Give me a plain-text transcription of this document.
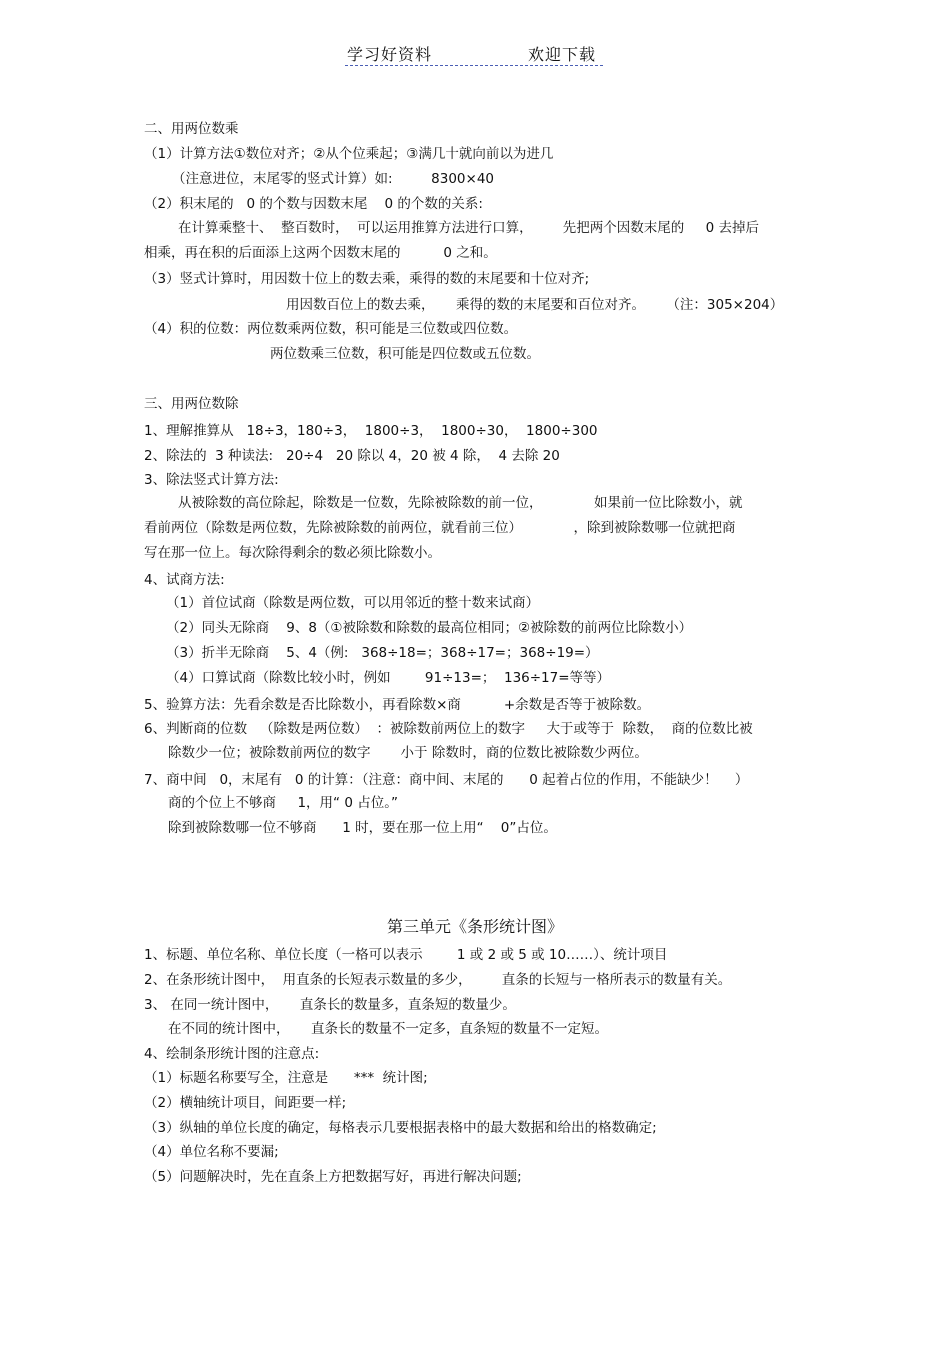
学习好资料	欢迎下载
二、用两位数乘
（1）计算方法①数位对齐；②从个位乘起；③满几十就向前以为进几
（注意进位，末尾零的竖式计算）如:         8300×40
（2）积末尾的   0 的个数与因数末尾    0 的个数的关系:
在计算乘整十、  整百数时，  可以运用推算方法进行口算，       先把两个因数末尾的     0 去掉后
相乘，再在积的后面添上这两个因数末尾的          0 之和。
（3）竖式计算时，用因数十位上的数去乘，乘得的数的末尾要和十位对齐;
用因数百位上的数去乘，     乘得的数的末尾要和百位对齐。     （注：305×204）
（4）积的位数：两位数乘两位数，积可能是三位数或四位数。
两位数乘三位数，积可能是四位数或五位数。
三、用两位数除
1、理解推算从   18÷3，180÷3，  1800÷3，  1800÷30，  1800÷300
2、除法的  3 种读法:   20÷4   20 除以 4，20 被 4 除，  4 去除 20
3、除法竖式计算方法:
从被除数的高位除起，除数是一位数，先除被除数的前一位，            如果前一位比除数小，就
看前两位（除数是两位数，先除被除数的前两位，就看前三位）            ，除到被除数哪一位就把商
写在那一位上。每次除得剩余的数必须比除数小。
4、试商方法:
（1）首位试商（除数是两位数，可以用邻近的整十数来试商）
（2）同头无除商    9、8（①被除数和除数的最高位相同；②被除数的前两位比除数小）
（3）折半无除商    5、4（例:   368÷18=；368÷17=；368÷19=）
（4）口算试商（除数比较小时，例如        91÷13=；  136÷17=等等）
5、验算方法：先看余数是否比除数小，再看除数×商          +余数是否等于被除数。
6、判断商的位数   （除数是两位数）  ：被除数前两位上的数字     大于或等于  除数，  商的位数比被
除数少一位；被除数前两位的数字       小于 除数时，商的位数比被除数少两位。
7、商中间   0，末尾有   0 的计算：（注意：商中间、末尾的      0 起着占位的作用，不能缺少！    ）
商的个位上不够商     1，用“ 0 占位。”
除到被除数哪一位不够商      1 时，要在那一位上用“    0”占位。
第三单元《条形统计图》
1、标题、单位名称、单位长度（一格可以表示        1 或 2 或 5 或 10……）、统计项目
2、在条形统计图中，  用直条的长短表示数量的多少，       直条的长短与一格所表示的数量有关。
3、 在同一统计图中，     直条长的数量多，直条短的数量少。
在不同的统计图中，     直条长的数量不一定多，直条短的数量不一定短。
4、绘制条形统计图的注意点:
（1）标题名称要写全，注意是      ***  统计图;
（2）横轴统计项目，间距要一样;
（3）纵轴的单位长度的确定，每格表示几要根据表格中的最大数据和给出的格数确定;
（4）单位名称不要漏;
（5）问题解决时，先在直条上方把数据写好，再进行解决问题;
